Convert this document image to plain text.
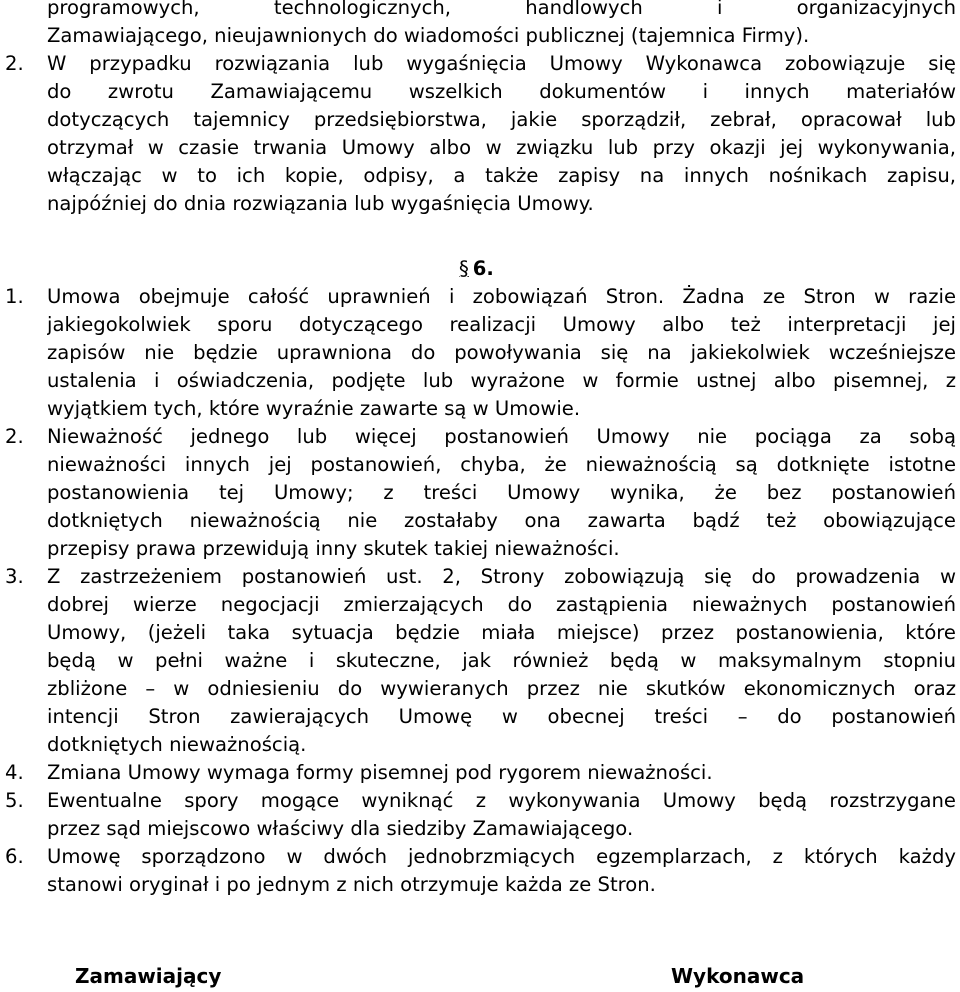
programowych, technologicznych, handlowych i organizacyjnych
Zamawiającego, nieujawnionych do wiadomości publicznej (tajemnica Firmy).
2.	W przypadku rozwiązania lub wygaśnięcia Umowy Wykonawca zobowiązuje się
do zwrotu Zamawiającemu wszelkich dokumentów i innych materiałów
dotyczących tajemnicy przedsiębiorstwa, jakie sporządził, zebrał, opracował lub
otrzymał w czasie trwania Umowy albo w związku lub przy okazji jej wykonywania,
włączając w to ich kopie, odpisy, a także zapisy na innych nośnikach zapisu,
najpóźniej do dnia rozwiązania lub wygaśnięcia Umowy.
§ 6.
1.	Umowa obejmuje całość uprawnień i zobowiązań Stron. Żadna ze Stron w razie
jakiegokolwiek sporu dotyczącego realizacji Umowy albo też interpretacji jej
zapisów nie będzie uprawniona do powoływania się na jakiekolwiek wcześniejsze
ustalenia i oświadczenia, podjęte lub wyrażone w formie ustnej albo pisemnej, z
wyjątkiem tych, które wyraźnie zawarte są w Umowie.
2.	Nieważność jednego lub więcej postanowień Umowy nie pociąga za sobą
nieważności innych jej postanowień, chyba, że nieważnością są dotknięte istotne
postanowienia tej Umowy; z treści Umowy wynika, że bez postanowień
dotkniętych nieważnością nie zostałaby ona zawarta bądź też obowiązujące
przepisy prawa przewidują inny skutek takiej nieważności.
3.	Z zastrzeżeniem postanowień ust. 2, Strony zobowiązują się do prowadzenia w
dobrej wierze negocjacji zmierzających do zastąpienia nieważnych postanowień
Umowy, (jeżeli taka sytuacja będzie miała miejsce) przez postanowienia, które
będą w pełni ważne i skuteczne, jak również będą w maksymalnym stopniu
zbliżone – w odniesieniu do wywieranych przez nie skutków ekonomicznych oraz
intencji Stron zawierających Umowę w obecnej treści – do postanowień
dotkniętych nieważnością.
4.	Zmiana Umowy wymaga formy pisemnej pod rygorem nieważności.
5.	Ewentualne spory mogące wyniknąć z wykonywania Umowy będą rozstrzygane
przez sąd miejscowo właściwy dla siedziby Zamawiającego.
6.	Umowę sporządzono w dwóch jednobrzmiących egzemplarzach, z których każdy
stanowi oryginał i po jednym z nich otrzymuje każda ze Stron.
Zamawiający	Wykonawca
